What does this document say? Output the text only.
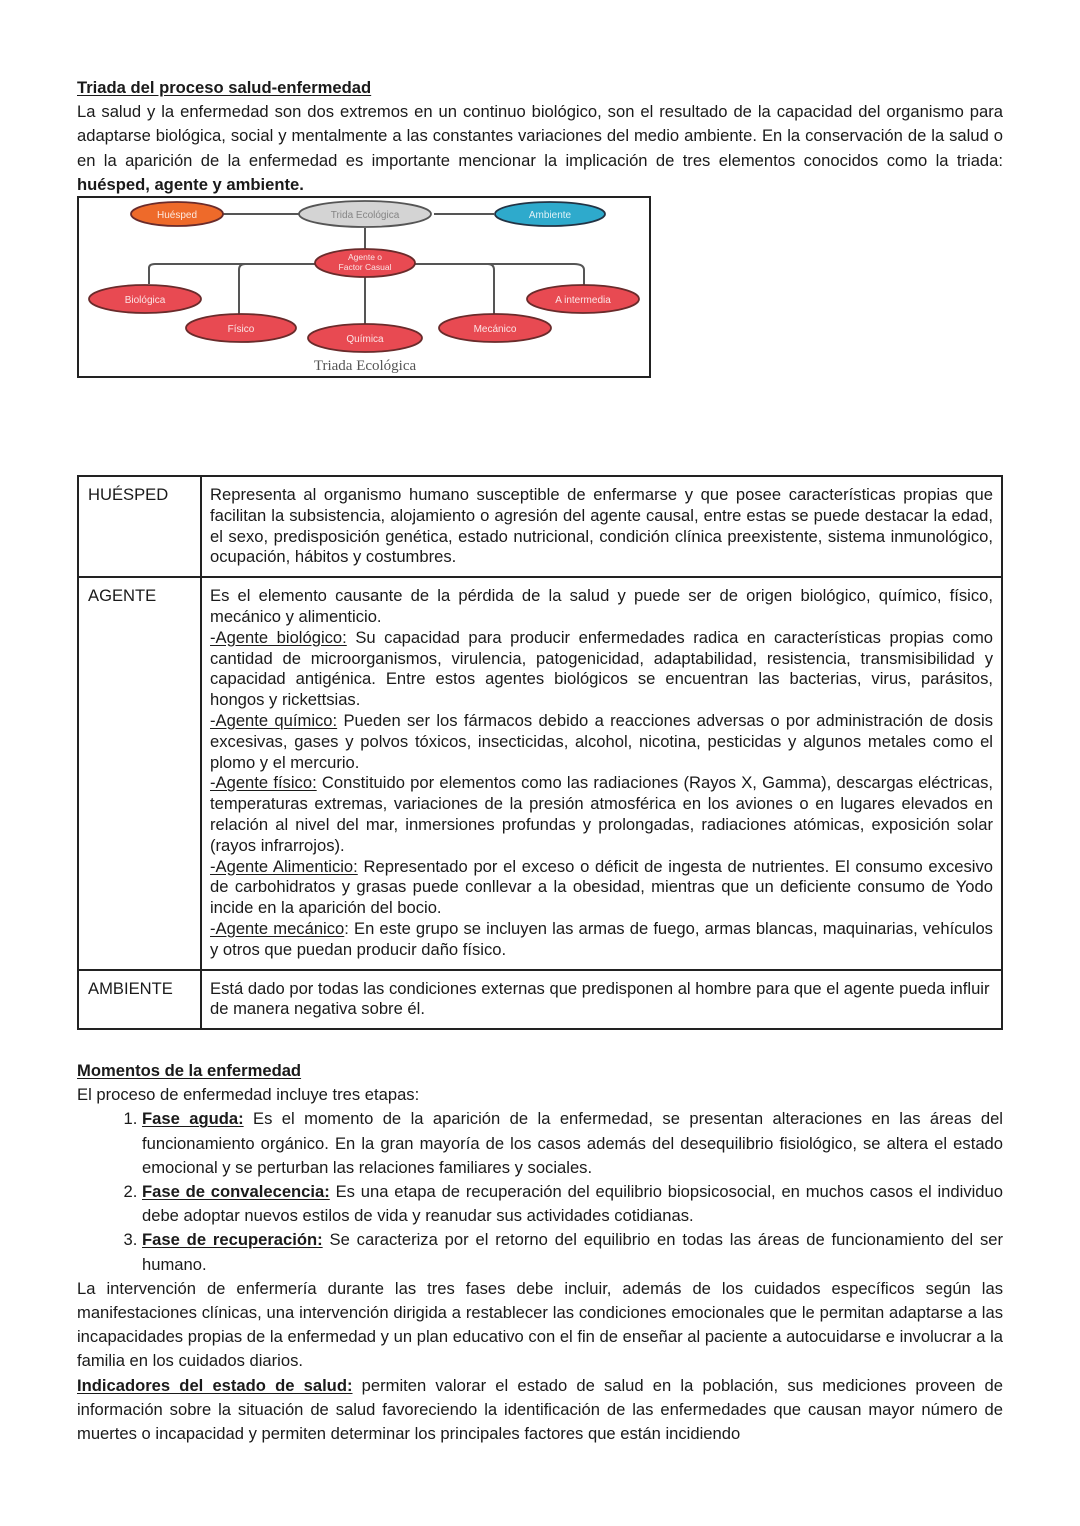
Triada del proceso salud-enfermedad

La salud y la enfermedad son dos extremos en un continuo biológico, son el resultado de la capacidad del organismo para adaptarse biológica, social y mentalmente a las constantes variaciones del medio ambiente. En la conservación de la salud o en la aparición de la enfermedad es importante mencionar la implicación de tres elementos conocidos como la triada: huésped, agente y ambiente.

Huésped	Trida Ecológica	Ambiente
Agente o
Factor Casual
Biológica
Físico
Química
Mecánico
A intermedia
Triada Ecológica
HUÉSPED	Representa al organismo humano susceptible de enfermarse y que posee características propias que facilitan la subsistencia, alojamiento o agresión del agente causal, entre estas se puede destacar la edad, el sexo, predisposición genética, estado nutricional, condición clínica preexistente, sistema inmunológico, ocupación, hábitos y costumbres.
AGENTE	Es el elemento causante de la pérdida de la salud y puede ser de origen biológico, químico, físico, mecánico y alimenticio.
-Agente biológico: Su capacidad para producir enfermedades radica en características propias como cantidad de microorganismos, virulencia, patogenicidad, adaptabilidad, resistencia, transmisibilidad y capacidad antigénica. Entre estos agentes biológicos se encuentran las bacterias, virus, parásitos, hongos y rickettsias.
-Agente químico: Pueden ser los fármacos debido a reacciones adversas o por administración de dosis excesivas, gases y polvos tóxicos, insecticidas, alcohol, nicotina, pesticidas y algunos metales como el plomo y el mercurio.
-Agente físico: Constituido por elementos como las radiaciones (Rayos X, Gamma), descargas eléctricas, temperaturas extremas, variaciones de la presión atmosférica en los aviones o en lugares elevados en relación al nivel del mar, inmersiones profundas y prolongadas, radiaciones atómicas, exposición solar (rayos infrarrojos).
-Agente Alimenticio: Representado por el exceso o déficit de ingesta de nutrientes. El consumo excesivo de carbohidratos y grasas puede conllevar a la obesidad, mientras que un deficiente consumo de Yodo incide en la aparición del bocio.
-Agente mecánico: En este grupo se incluyen las armas de fuego, armas blancas, maquinarias, vehículos y otros que puedan producir daño físico.

AMBIENTE	Está dado por todas las condiciones externas que predisponen al hombre para que el agente pueda influir de manera negativa sobre él.

Momentos de la enfermedad

El proceso de enfermedad incluye tres etapas:

1. Fase aguda: Es el momento de la aparición de la enfermedad, se presentan alteraciones en las áreas del funcionamiento orgánico. En la gran mayoría de los casos además del desequilibrio fisiológico, se altera el estado emocional y se perturban las relaciones familiares y sociales.
2. Fase de convalecencia: Es una etapa de recuperación del equilibrio biopsicosocial, en muchos casos el individuo debe adoptar nuevos estilos de vida y reanudar sus actividades cotidianas.
3. Fase de recuperación: Se caracteriza por el retorno del equilibrio en todas las áreas de funcionamiento del ser humano.

La intervención de enfermería durante las tres fases debe incluir, además de los cuidados específicos según las manifestaciones clínicas, una intervención dirigida a restablecer las condiciones emocionales que le permitan adaptarse a las incapacidades propias de la enfermedad y un plan educativo con el fin de enseñar al paciente a autocuidarse e involucrar a la familia en los cuidados diarios.

Indicadores del estado de salud: permiten valorar el estado de salud en la población, sus mediciones proveen de información sobre la situación de salud favoreciendo la identificación de las enfermedades que causan mayor número de muertes o incapacidad y permiten determinar los principales factores que están incidiendo
